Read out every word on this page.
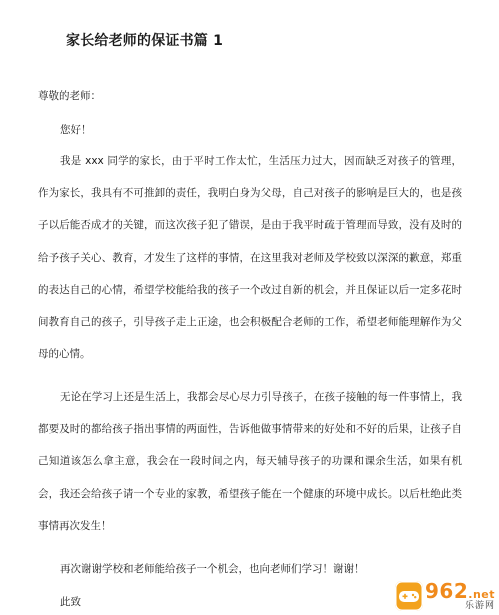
家长给老师的保证书篇 1
尊敬的老师：
您好！

我是 xxx 同学的家长，由于平时工作太忙，生活压力过大，因而缺乏对孩子的管理，作为家长，我具有不可推卸的责任，我明白身为父母，自己对孩子的影响是巨大的，也是孩子以后能否成才的关键，而这次孩子犯了错误，是由于我平时疏于管理而导致，没有及时的给予孩子关心、教育，才发生了这样的事情，在这里我对老师及学校致以深深的歉意，郑重的表达自己的心情，希望学校能给我的孩子一个改过自新的机会，并且保证以后一定多花时间教育自己的孩子，引导孩子走上正途，也会积极配合老师的工作，希望老师能理解作为父母的心情。

无论在学习上还是生活上，我都会尽心尽力引导孩子，在孩子接触的每一件事情上，我都要及时的都给孩子指出事情的两面性，告诉他做事情带来的好处和不好的后果，让孩子自己知道该怎么拿主意，我会在一段时间之内，每天辅导孩子的功课和课余生活，如果有机会，我还会给孩子请一个专业的家教，希望孩子能在一个健康的环境中成长。以后杜绝此类事情再次发生！

再次谢谢学校和老师能给孩子一个机会，也向老师们学习！谢谢！
此致	962.net
乐游网
